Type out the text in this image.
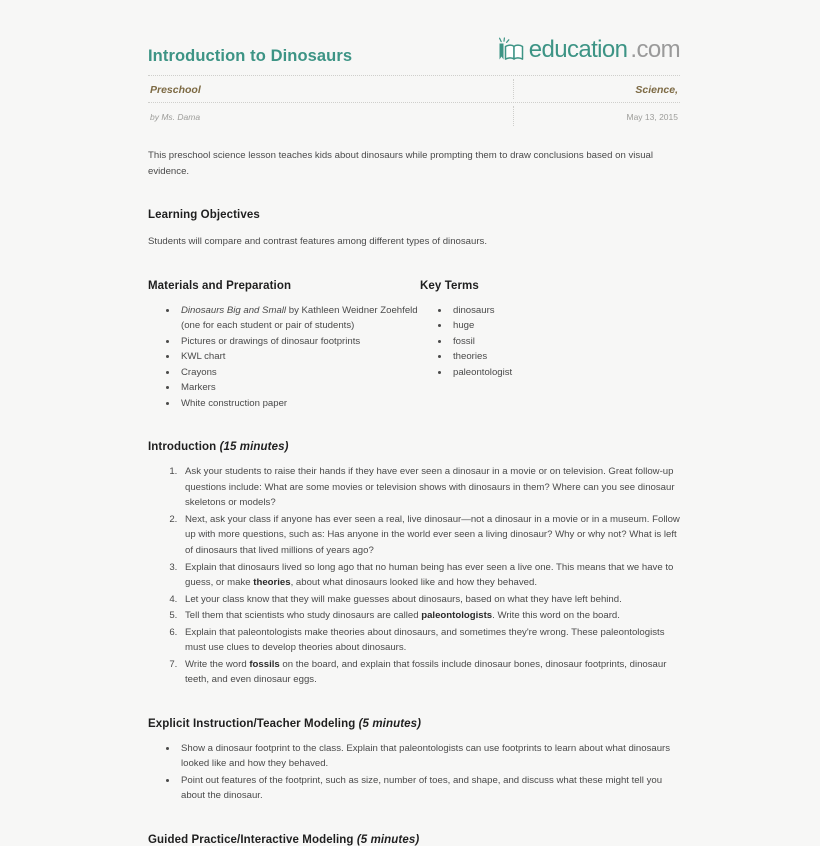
Introduction to Dinosaurs	education .com
Preschool	Science,
by Ms. Dama	May 13, 2015

This preschool science lesson teaches kids about dinosaurs while prompting them to draw conclusions based on visual evidence.

Learning Objectives
Students will compare and contrast features among different types of dinosaurs.
Materials and Preparation
• Dinosaurs Big and Small by Kathleen Weidner Zoehfeld (one for each student or pair of students)
• Pictures or drawings of dinosaur footprints
• KWL chart
• Crayons
• Markers
• White construction paper
Key Terms
• dinosaurs
• huge
• fossil
• theories
• paleontologist
Introduction (15 minutes)
1. Ask your students to raise their hands if they have ever seen a dinosaur in a movie or on television. Great follow-up questions include: What are some movies or television shows with dinosaurs in them? Where can you see dinosaur skeletons or models?
2. Next, ask your class if anyone has ever seen a real, live dinosaur—not a dinosaur in a movie or in a museum. Follow up with more questions, such as: Has anyone in the world ever seen a living dinosaur? Why or why not? What is left of dinosaurs that lived millions of years ago?
3. Explain that dinosaurs lived so long ago that no human being has ever seen a live one. This means that we have to guess, or make theories, about what dinosaurs looked like and how they behaved.
4. Let your class know that they will make guesses about dinosaurs, based on what they have left behind.
5. Tell them that scientists who study dinosaurs are called paleontologists. Write this word on the board.
6. Explain that paleontologists make theories about dinosaurs, and sometimes they're wrong. These paleontologists must use clues to develop theories about dinosaurs.
7. Write the word fossils on the board, and explain that fossils include dinosaur bones, dinosaur footprints, dinosaur teeth, and even dinosaur eggs.
Explicit Instruction/Teacher Modeling (5 minutes)
• Show a dinosaur footprint to the class. Explain that paleontologists can use footprints to learn about what dinosaurs looked like and how they behaved.
• Point out features of the footprint, such as size, number of toes, and shape, and discuss what these might tell you about the dinosaur.
Guided Practice/Interactive Modeling (5 minutes)
